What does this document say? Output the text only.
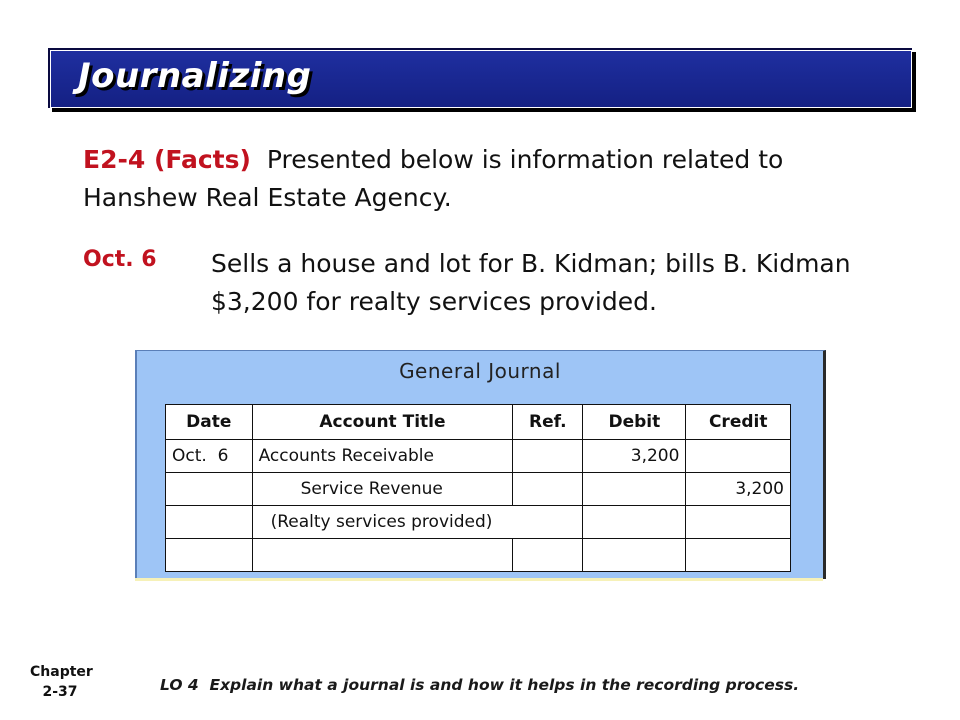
Journalizing
E2-4 (Facts) Presented below is information related to Hanshew Real Estate Agency.
Oct. 6 Sells a house and lot for B. Kidman; bills B. Kidman $3,200 for realty services provided.
General Journal
Date	Account Title	Ref.	Debit	Credit
Oct.  6	Accounts Receivable		3,200	
	Service Revenue			3,200
	(Realty services provided)			

Chapter
2-37	LO 4  Explain what a journal is and how it helps in the recording process.
